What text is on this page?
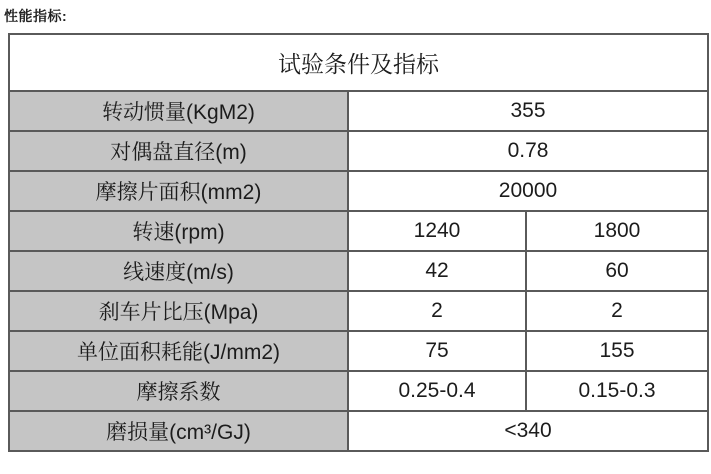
性能指标:
试验条件及指标		
转动惯量(KgM2)	355	
对偶盘直径(m)	0.78	
摩擦片面积(mm2)	20000	
转速(rpm)	1240	1800
线速度(m/s)	42	60
刹车片比压(Mpa)	2	2
单位面积耗能(J/mm2)	75	155
摩擦系数	0.25-0.4	0.15-0.3
磨损量(cm³/GJ)	<340	
